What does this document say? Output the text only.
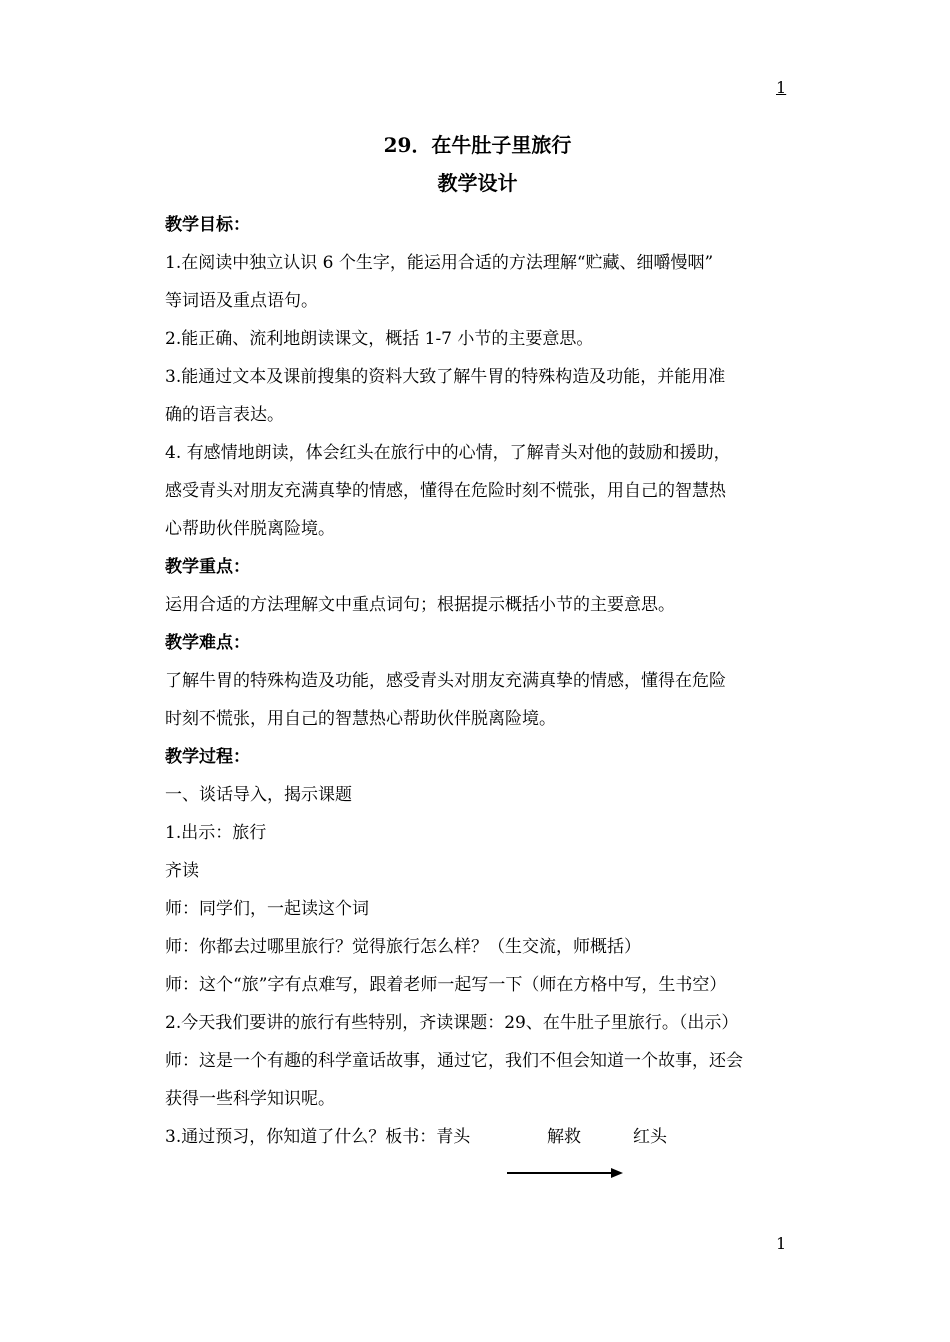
1
29．在牛肚子里旅行
教学设计
教学目标：
1.在阅读中独立认识 6 个生字，能运用合适的方法理解“贮藏、细嚼慢咽”
等词语及重点语句。
2.能正确、流利地朗读课文，概括 1-7 小节的主要意思。
3.能通过文本及课前搜集的资料大致了解牛胃的特殊构造及功能，并能用准
确的语言表达。
4. 有感情地朗读，体会红头在旅行中的心情，了解青头对他的鼓励和援助，
感受青头对朋友充满真挚的情感，懂得在危险时刻不慌张，用自己的智慧热
心帮助伙伴脱离险境。
教学重点：
运用合适的方法理解文中重点词句；根据提示概括小节的主要意思。
教学难点：
了解牛胃的特殊构造及功能，感受青头对朋友充满真挚的情感，懂得在危险
时刻不慌张，用自己的智慧热心帮助伙伴脱离险境。
教学过程：
一、谈话导入，揭示课题
1.出示：旅行
齐读
师：同学们，一起读这个词
师：你都去过哪里旅行？觉得旅行怎么样？（生交流，师概括）
师：这个“旅”字有点难写，跟着老师一起写一下（师在方格中写，生书空）
2.今天我们要讲的旅行有些特别，齐读课题：29、在牛肚子里旅行。（出示）
师：这是一个有趣的科学童话故事，通过它，我们不但会知道一个故事，还会
获得一些科学知识呢。
3.通过预习，你知道了什么？板书：青头	解救	红头
1
